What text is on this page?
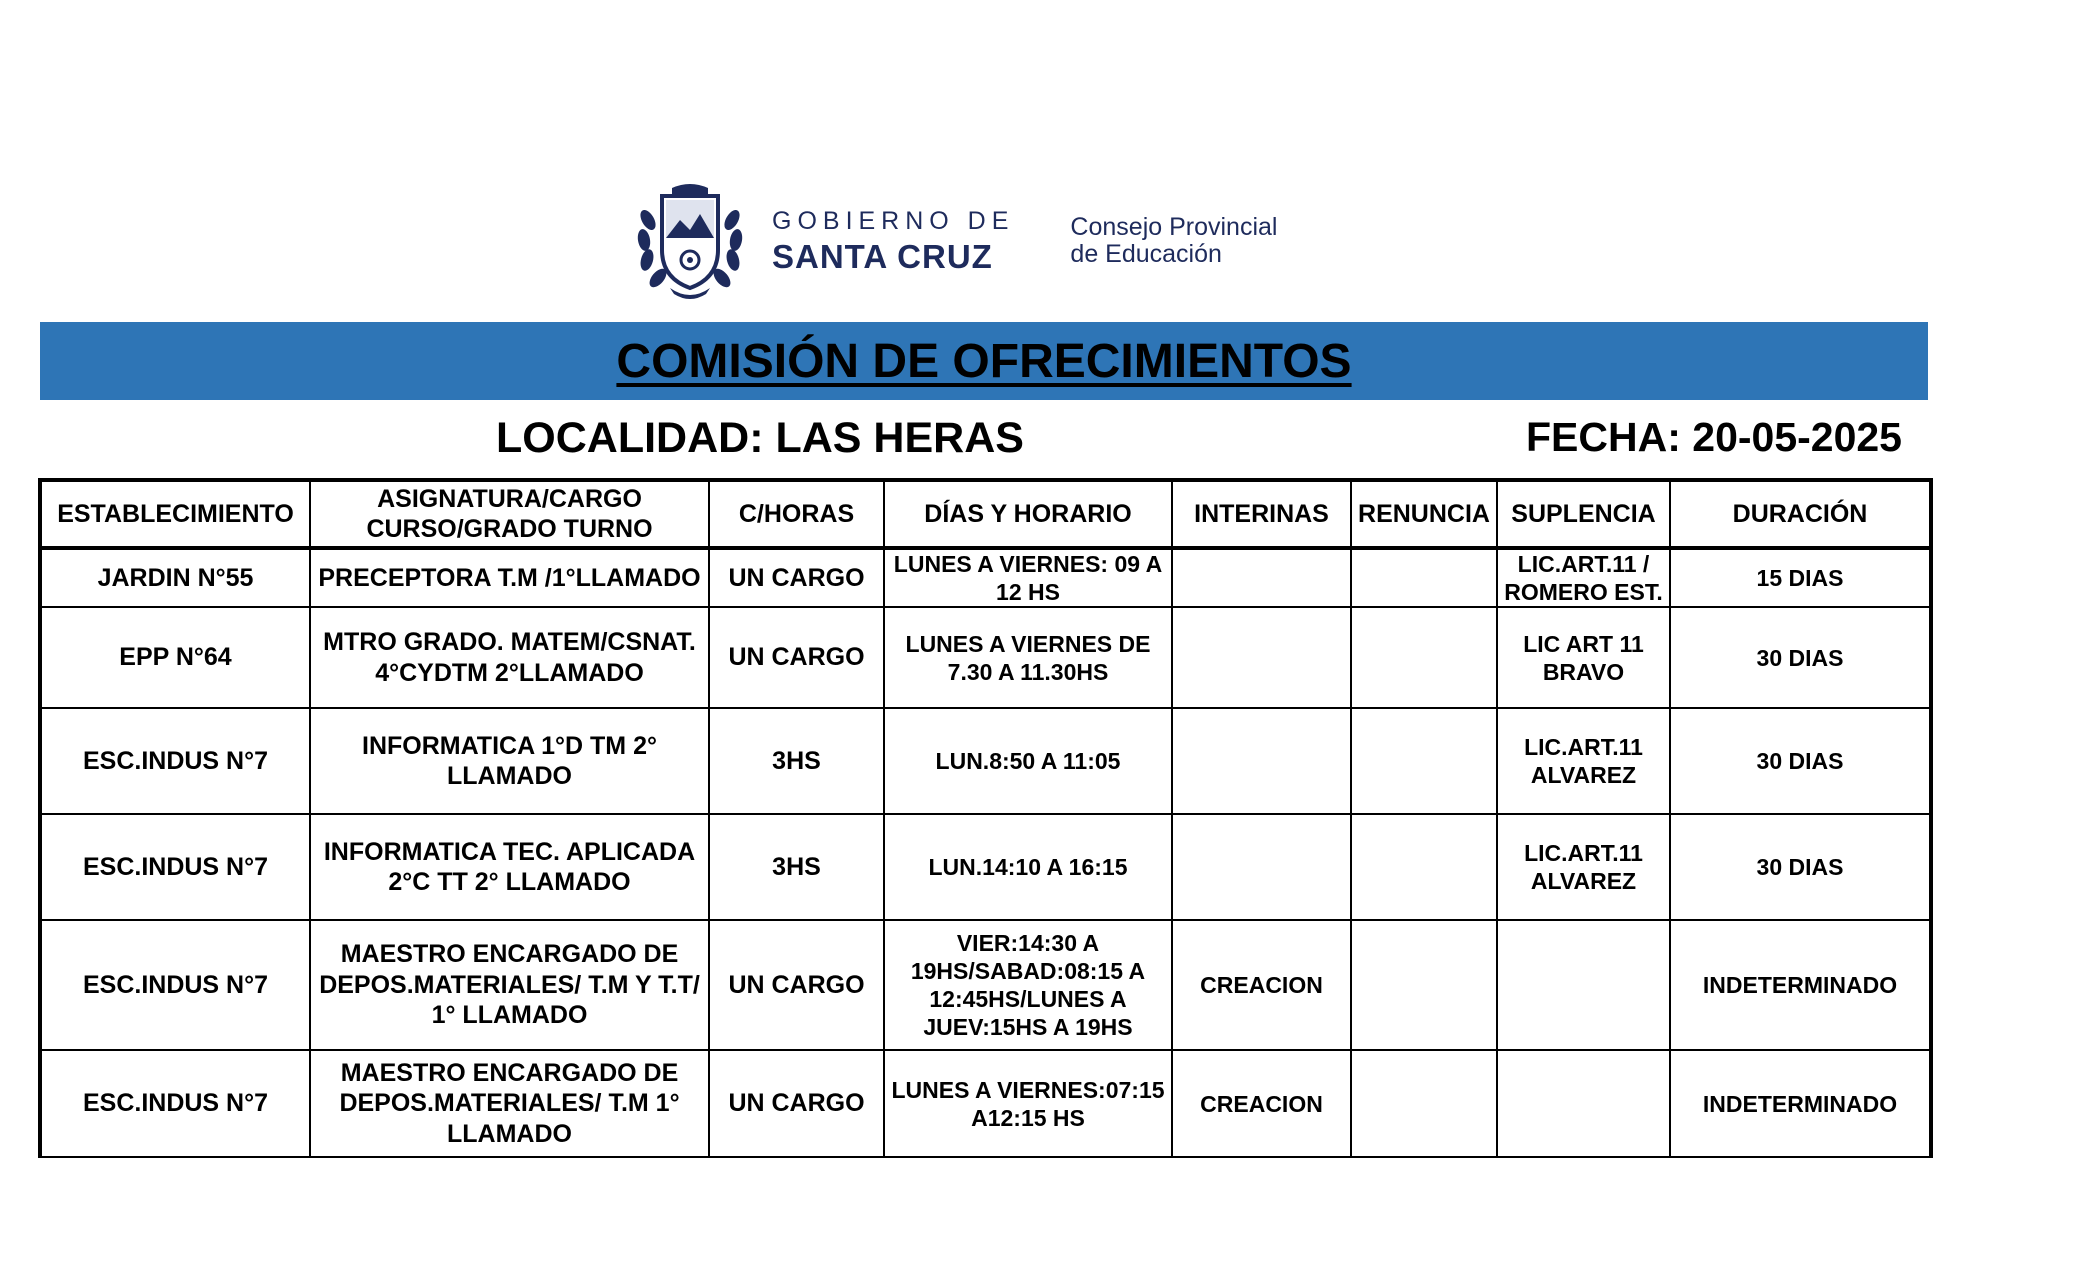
GOBIERNO DE
SANTA CRUZ
Consejo Provincial
de Educación
COMISIÓN DE OFRECIMIENTOS
LOCALIDAD: LAS HERAS	FECHA: 20-05-2025
ESTABLECIMIENTO	ASIGNATURA/CARGO CURSO/GRADO TURNO	C/HORAS	DÍAS Y HORARIO	INTERINAS	RENUNCIA	SUPLENCIA	DURACIÓN
JARDIN N°55	PRECEPTORA T.M /1°LLAMADO	UN CARGO	LUNES A VIERNES: 09 A 12 HS			LIC.ART.11 / ROMERO EST.	15 DIAS
EPP N°64	MTRO GRADO. MATEM/CSNAT. 4°CYDTM 2°LLAMADO	UN CARGO	LUNES A VIERNES DE 7.30 A 11.30HS			LIC ART 11 BRAVO	30 DIAS
ESC.INDUS N°7	INFORMATICA 1°D TM 2° LLAMADO	3HS	LUN.8:50 A 11:05			LIC.ART.11 ALVAREZ	30 DIAS
ESC.INDUS N°7	INFORMATICA TEC. APLICADA 2°C TT 2° LLAMADO	3HS	LUN.14:10 A 16:15			LIC.ART.11 ALVAREZ	30 DIAS
ESC.INDUS N°7	MAESTRO ENCARGADO DE DEPOS.MATERIALES/ T.M Y T.T/ 1° LLAMADO	UN CARGO	VIER:14:30 A 19HS/SABAD:08:15 A 12:45HS/LUNES A JUEV:15HS A 19HS	CREACION			INDETERMINADO
ESC.INDUS N°7	MAESTRO ENCARGADO DE DEPOS.MATERIALES/ T.M 1° LLAMADO	UN CARGO	LUNES A VIERNES:07:15 A12:15 HS	CREACION			INDETERMINADO
